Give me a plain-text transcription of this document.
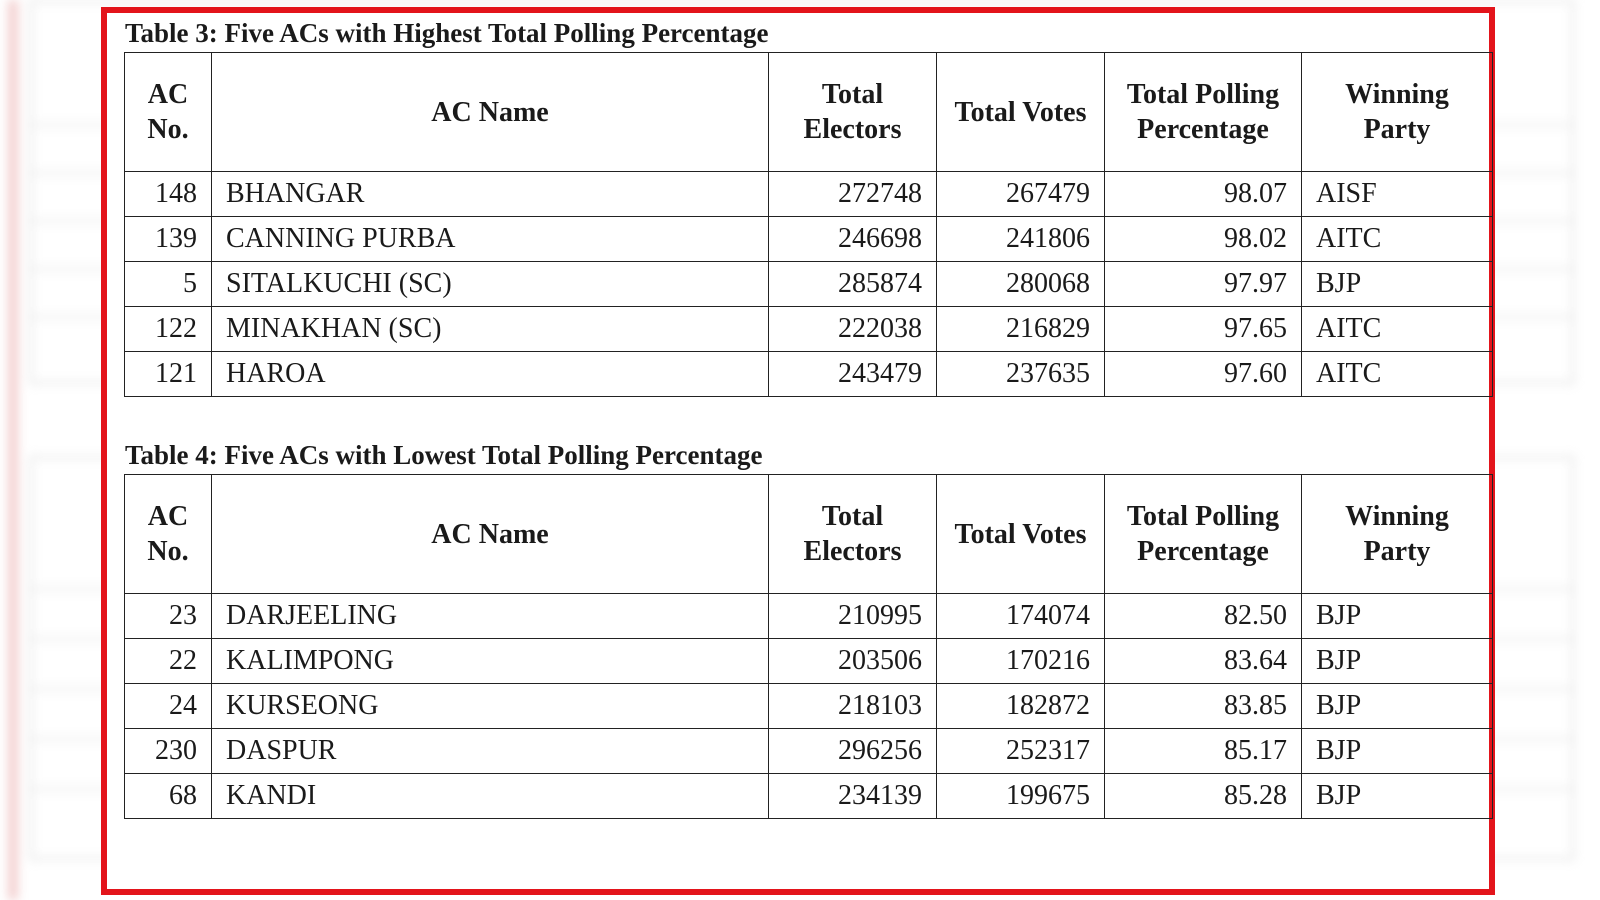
Table 3: Five ACs with Highest Total Polling Percentage
AC No.	AC Name	Total Electors	Total Votes	Total Polling Percentage	Winning Party
148	BHANGAR	272748	267479	98.07	AISF
139	CANNING PURBA	246698	241806	98.02	AITC
5	SITALKUCHI (SC)	285874	280068	97.97	BJP
122	MINAKHAN (SC)	222038	216829	97.65	AITC
121	HAROA	243479	237635	97.60	AITC
Table 4: Five ACs with Lowest Total Polling Percentage
AC No.	AC Name	Total Electors	Total Votes	Total Polling Percentage	Winning Party
23	DARJEELING	210995	174074	82.50	BJP
22	KALIMPONG	203506	170216	83.64	BJP
24	KURSEONG	218103	182872	83.85	BJP
230	DASPUR	296256	252317	85.17	BJP
68	KANDI	234139	199675	85.28	BJP
